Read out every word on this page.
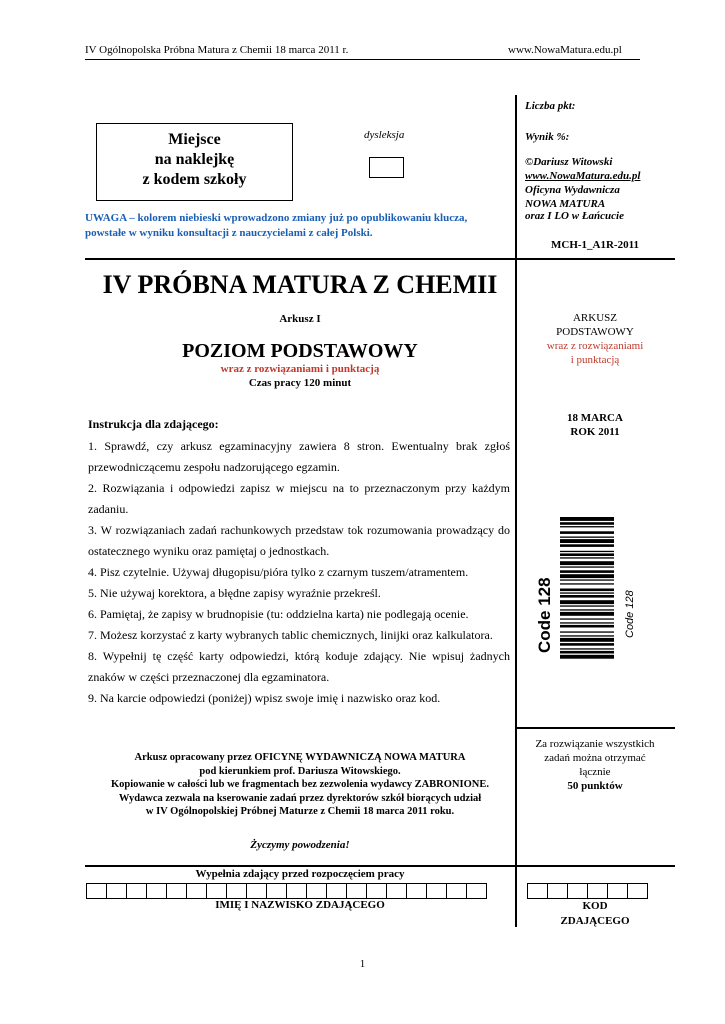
IV Ogólnopolska Próbna Matura z Chemii 18 marca 2011 r.	www.NowaMatura.edu.pl
Miejsce
na naklejkę
z kodem szkoły
dysleksja
UWAGA – kolorem niebieski wprowadzono zmiany już po opublikowaniu klucza, powstałe w wyniku konsultacji z nauczycielami z całej Polski.
Liczba pkt:
Wynik %:
©Dariusz Witowski
www.NowaMatura.edu.pl
Oficyna Wydawnicza
NOWA MATURA
oraz I LO w Łańcucie
MCH-1_A1R-2011
IV PRÓBNA MATURA Z CHEMII
Arkusz I
POZIOM PODSTAWOWY
wraz z rozwiązaniami i punktacją
Czas pracy 120 minut
ARKUSZ
PODSTAWOWY
wraz z rozwiązaniami
i punktacją
18 MARCA
ROK 2011
Code 128	Code 128
Instrukcja dla zdającego:

1. Sprawdź, czy arkusz egzaminacyjny zawiera 8 stron. Ewentualny brak zgłoś przewodniczącemu zespołu nadzorującego egzamin.

2. Rozwiązania i odpowiedzi zapisz w miejscu na to przeznaczonym przy każdym zadaniu.

3. W rozwiązaniach zadań rachunkowych przedstaw tok rozumowania prowadzący do ostatecznego wyniku oraz pamiętaj o jednostkach.

4. Pisz czytelnie. Używaj długopisu/pióra tylko z czarnym tuszem/atramentem.

5. Nie używaj korektora, a błędne zapisy wyraźnie przekreśl.

6. Pamiętaj, że zapisy w brudnopisie (tu: oddzielna karta) nie podlegają ocenie.

7. Możesz korzystać z karty wybranych tablic chemicznych, linijki oraz kalkulatora.

8. Wypełnij tę część karty odpowiedzi, którą koduje zdający. Nie wpisuj żadnych znaków w części przeznaczonej dla egzaminatora.

9. Na karcie odpowiedzi (poniżej) wpisz swoje imię i nazwisko oraz kod.

Za rozwiązanie wszystkich
zadań można otrzymać
łącznie
50 punktów
Arkusz opracowany przez OFICYNĘ WYDAWNICZĄ NOWA MATURA
pod kierunkiem prof. Dariusza Witowskiego.
Kopiowanie w całości lub we fragmentach bez zezwolenia wydawcy ZABRONIONE.
Wydawca zezwala na kserowanie zadań przez dyrektorów szkół biorących udział
w IV Ogólnopolskiej Próbnej Maturze z Chemii 18 marca 2011 roku.
Życzymy powodzenia!
Wypełnia zdający przed rozpoczęciem pracy
IMIĘ I NAZWISKO ZDAJĄCEGO	KOD
ZDAJĄCEGO
1
